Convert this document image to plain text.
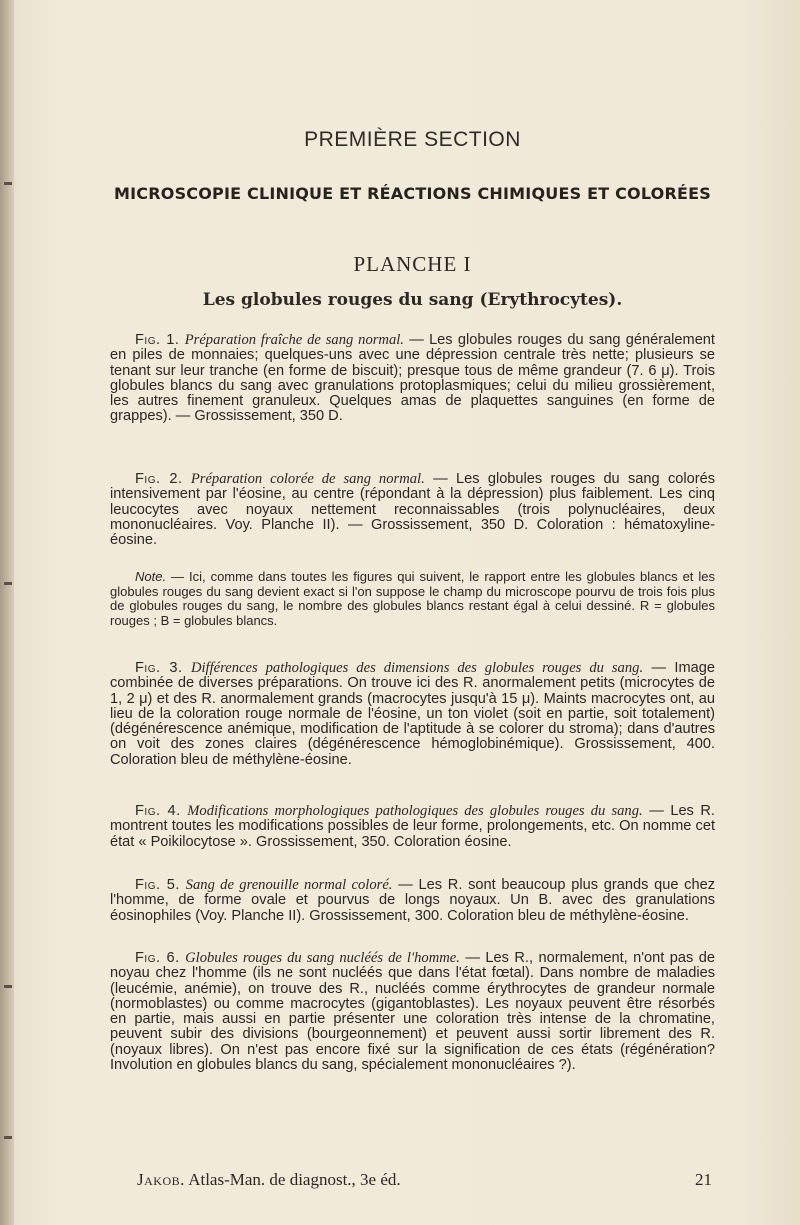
PREMIÈRE SECTION
MICROSCOPIE CLINIQUE ET RÉACTIONS CHIMIQUES ET COLORÉES
PLANCHE I
Les globules rouges du sang (Erythrocytes).

Fig. 1. Préparation fraîche de sang normal. — Les globules rouges du sang généralement en piles de monnaies; quelques-uns avec une dépression centrale très nette; plusieurs se tenant sur leur tranche (en forme de biscuit); presque tous de même grandeur (7. 6 μ). Trois globules blancs du sang avec granulations protoplasmiques; celui du milieu grossièrement, les autres finement granuleux. Quelques amas de plaquettes sanguines (en forme de grappes). — Grossissement, 350 D.

Fig. 2. Préparation colorée de sang normal. — Les globules rouges du sang colorés intensivement par l'éosine, au centre (répondant à la dépression) plus faiblement. Les cinq leucocytes avec noyaux nettement reconnaissables (trois polynucléaires, deux mononucléaires. Voy. Planche II). — Grossissement, 350 D. Coloration : hématoxyline-éosine.

Note. — Ici, comme dans toutes les figures qui suivent, le rapport entre les globules blancs et les globules rouges du sang devient exact si l'on suppose le champ du microscope pourvu de trois fois plus de globules rouges du sang, le nombre des globules blancs restant égal à celui dessiné. R = globules rouges ; B = globules blancs.

Fig. 3. Différences pathologiques des dimensions des globules rouges du sang. — Image combinée de diverses préparations. On trouve ici des R. anormalement petits (microcytes de 1, 2 μ) et des R. anormalement grands (macrocytes jusqu'à 15 μ). Maints macrocytes ont, au lieu de la coloration rouge normale de l'éosine, un ton violet (soit en partie, soit totalement) (dégénérescence anémique, modification de l'aptitude à se colorer du stroma); dans d'autres on voit des zones claires (dégénérescence hémoglobinémique). Grossissement, 400. Coloration bleu de méthylène-éosine.

Fig. 4. Modifications morphologiques pathologiques des globules rouges du sang. — Les R. montrent toutes les modifications possibles de leur forme, prolongements, etc. On nomme cet état « Poikilocytose ». Grossissement, 350. Coloration éosine.

Fig. 5. Sang de grenouille normal coloré. — Les R. sont beaucoup plus grands que chez l'homme, de forme ovale et pourvus de longs noyaux. Un B. avec des granulations éosinophiles (Voy. Planche II). Grossissement, 300. Coloration bleu de méthylène-éosine.

Fig. 6. Globules rouges du sang nucléés de l'homme. — Les R., normalement, n'ont pas de noyau chez l'homme (ils ne sont nucléés que dans l'état fœtal). Dans nombre de maladies (leucémie, anémie), on trouve des R., nucléés comme érythrocytes de grandeur normale (normoblastes) ou comme macrocytes (gigantoblastes). Les noyaux peuvent être résorbés en partie, mais aussi en partie présenter une coloration très intense de la chromatine, peuvent subir des divisions (bourgeonnement) et peuvent aussi sortir librement des R. (noyaux libres). On n'est pas encore fixé sur la signification de ces états (régénération? Involution en globules blancs du sang, spécialement mononucléaires ?).

Jakob. Atlas-Man. de diagnost., 3e éd.	21
